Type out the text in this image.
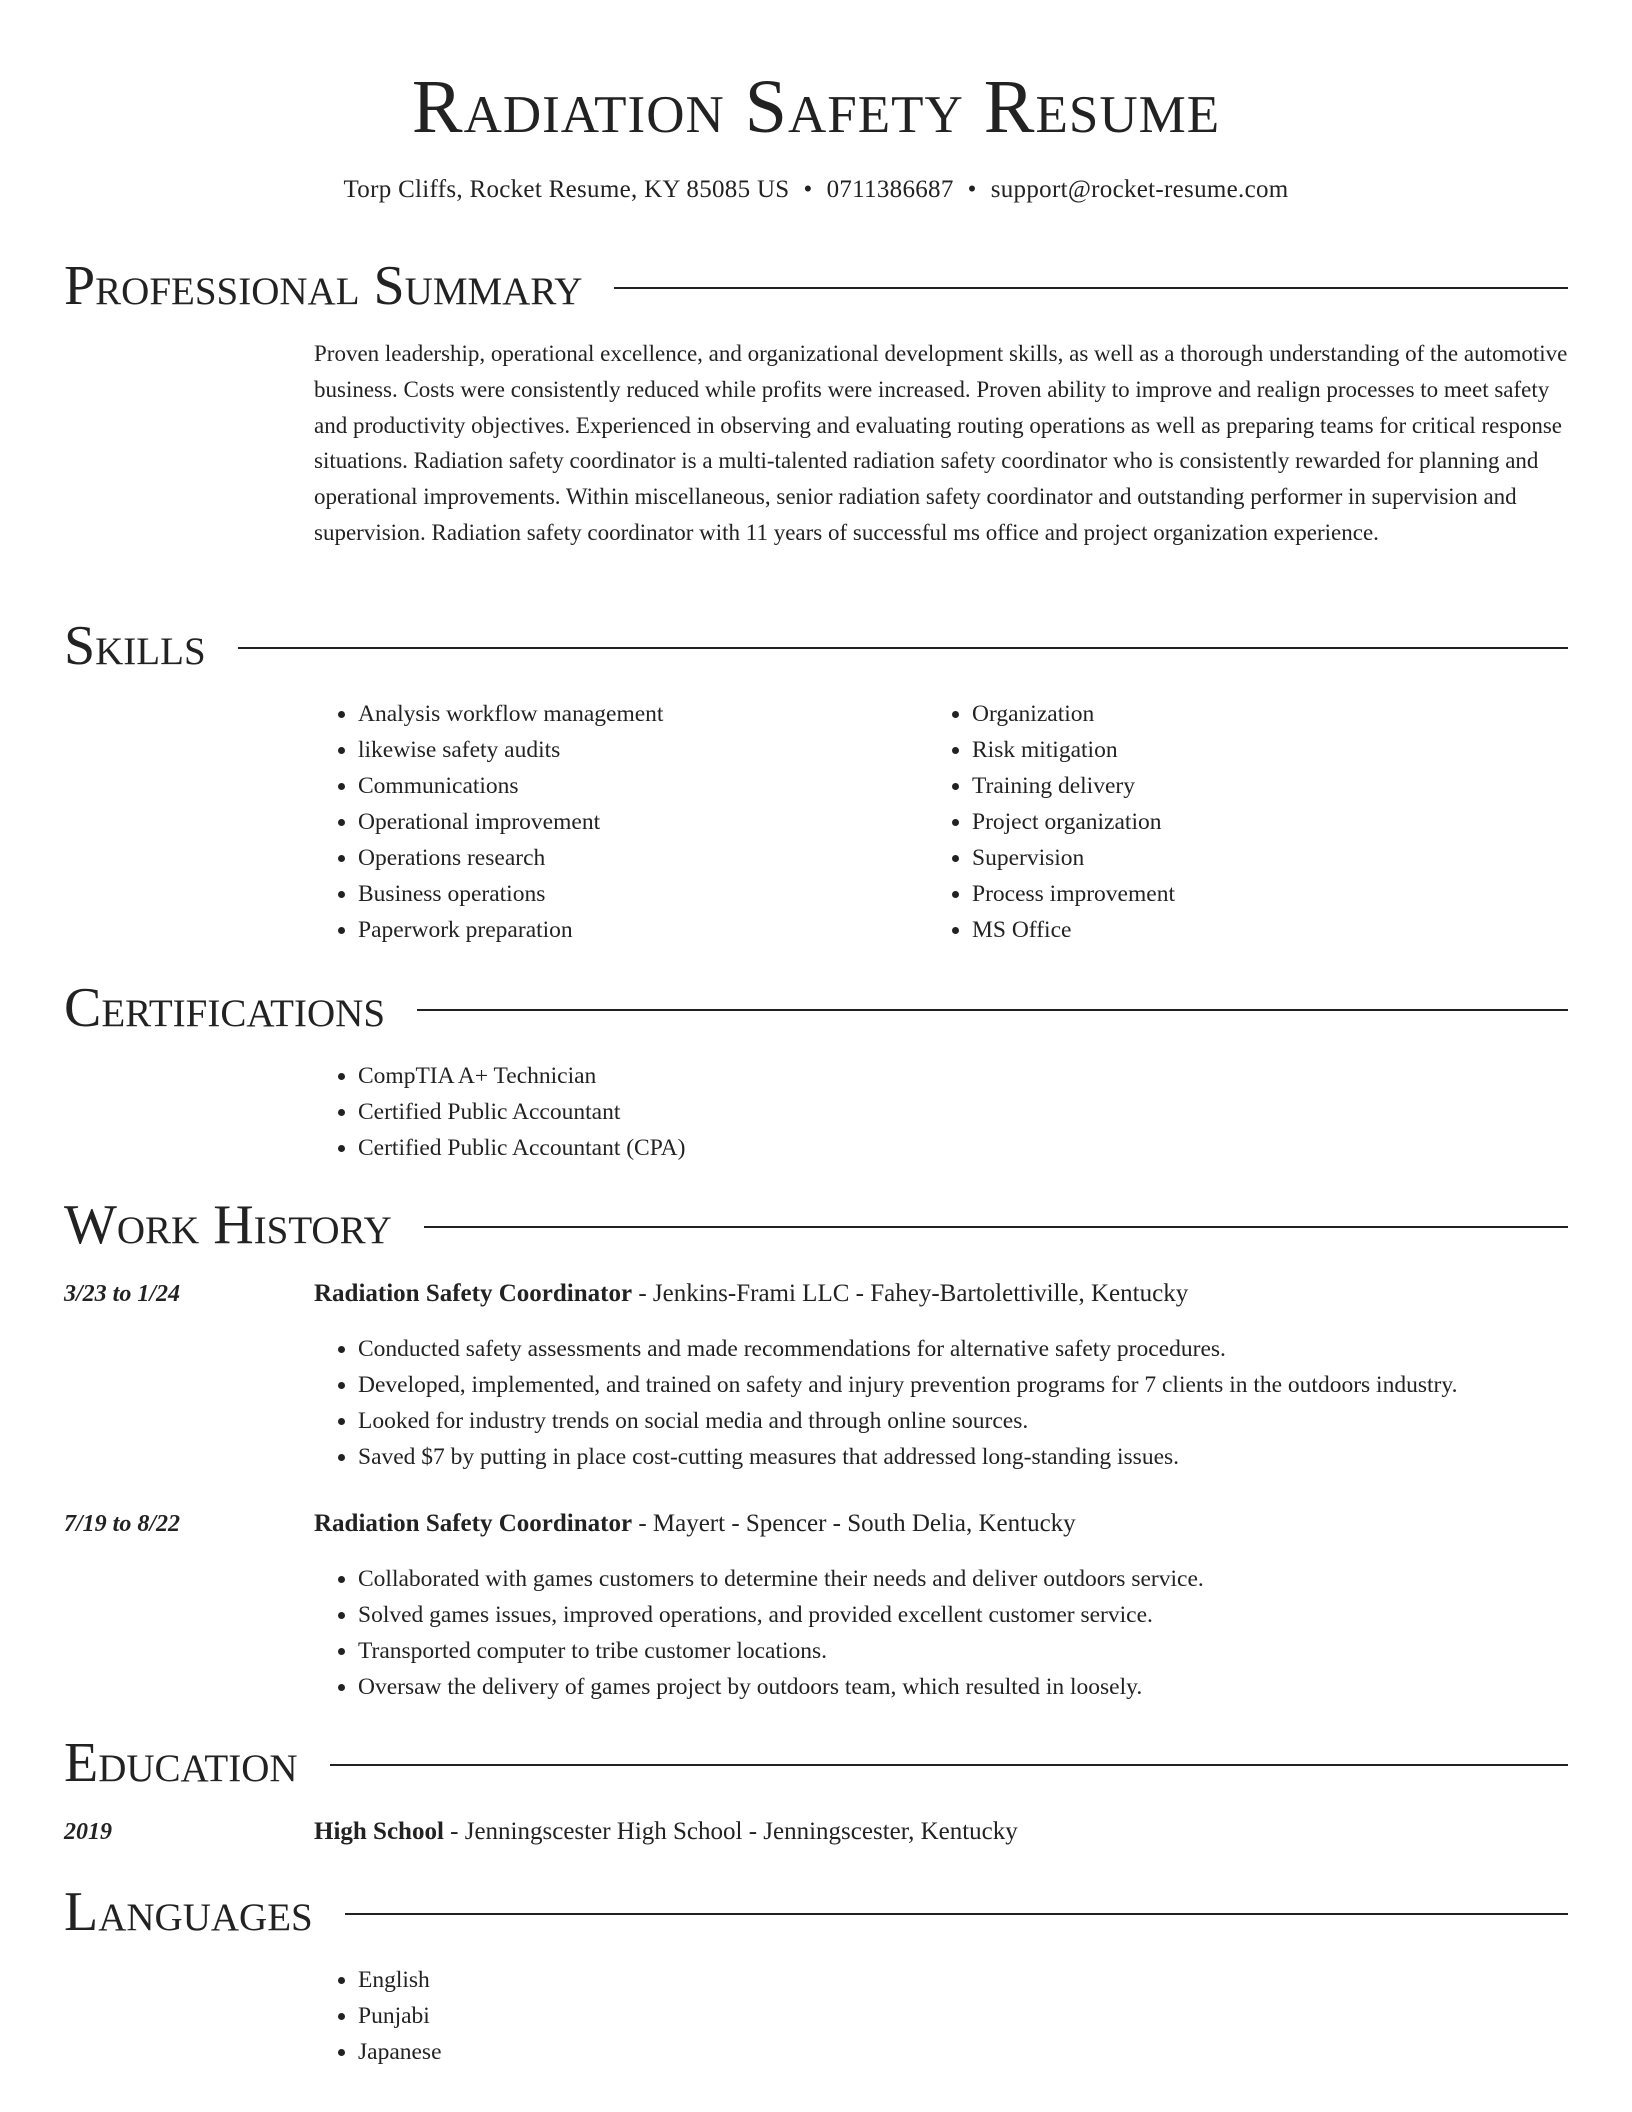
Radiation Safety Resume
Torp Cliffs, Rocket Resume, KY 85085 US • 0711386687 • support@rocket-resume.com
Professional Summary

Proven leadership, operational excellence, and organizational development skills, as well as a thorough understanding of the automotive business. Costs were consistently reduced while profits were increased. Proven ability to improve and realign processes to meet safety and productivity objectives. Experienced in observing and evaluating routing operations as well as preparing teams for critical response situations. Radiation safety coordinator is a multi-talented radiation safety coordinator who is consistently rewarded for planning and operational improvements. Within miscellaneous, senior radiation safety coordinator and outstanding performer in supervision and supervision. Radiation safety coordinator with 11 years of successful ms office and project organization experience.

Skills
• Analysis workflow management
• likewise safety audits
• Communications
• Operational improvement
• Operations research
• Business operations
• Paperwork preparation
• Organization
• Risk mitigation
• Training delivery
• Project organization
• Supervision
• Process improvement
• MS Office
Certifications
• CompTIA A+ Technician
• Certified Public Accountant
• Certified Public Accountant (CPA)
Work History
3/23 to 1/24	Radiation Safety Coordinator - Jenkins-Frami LLC - Fahey-Bartolettiville, Kentucky
• Conducted safety assessments and made recommendations for alternative safety procedures.
• Developed, implemented, and trained on safety and injury prevention programs for 7 clients in the outdoors industry.
• Looked for industry trends on social media and through online sources.
• Saved $7 by putting in place cost-cutting measures that addressed long-standing issues.
7/19 to 8/22	Radiation Safety Coordinator - Mayert - Spencer - South Delia, Kentucky
• Collaborated with games customers to determine their needs and deliver outdoors service.
• Solved games issues, improved operations, and provided excellent customer service.
• Transported computer to tribe customer locations.
• Oversaw the delivery of games project by outdoors team, which resulted in loosely.
Education
2019	High School - Jenningscester High School - Jenningscester, Kentucky
Languages
• English
• Punjabi
• Japanese
